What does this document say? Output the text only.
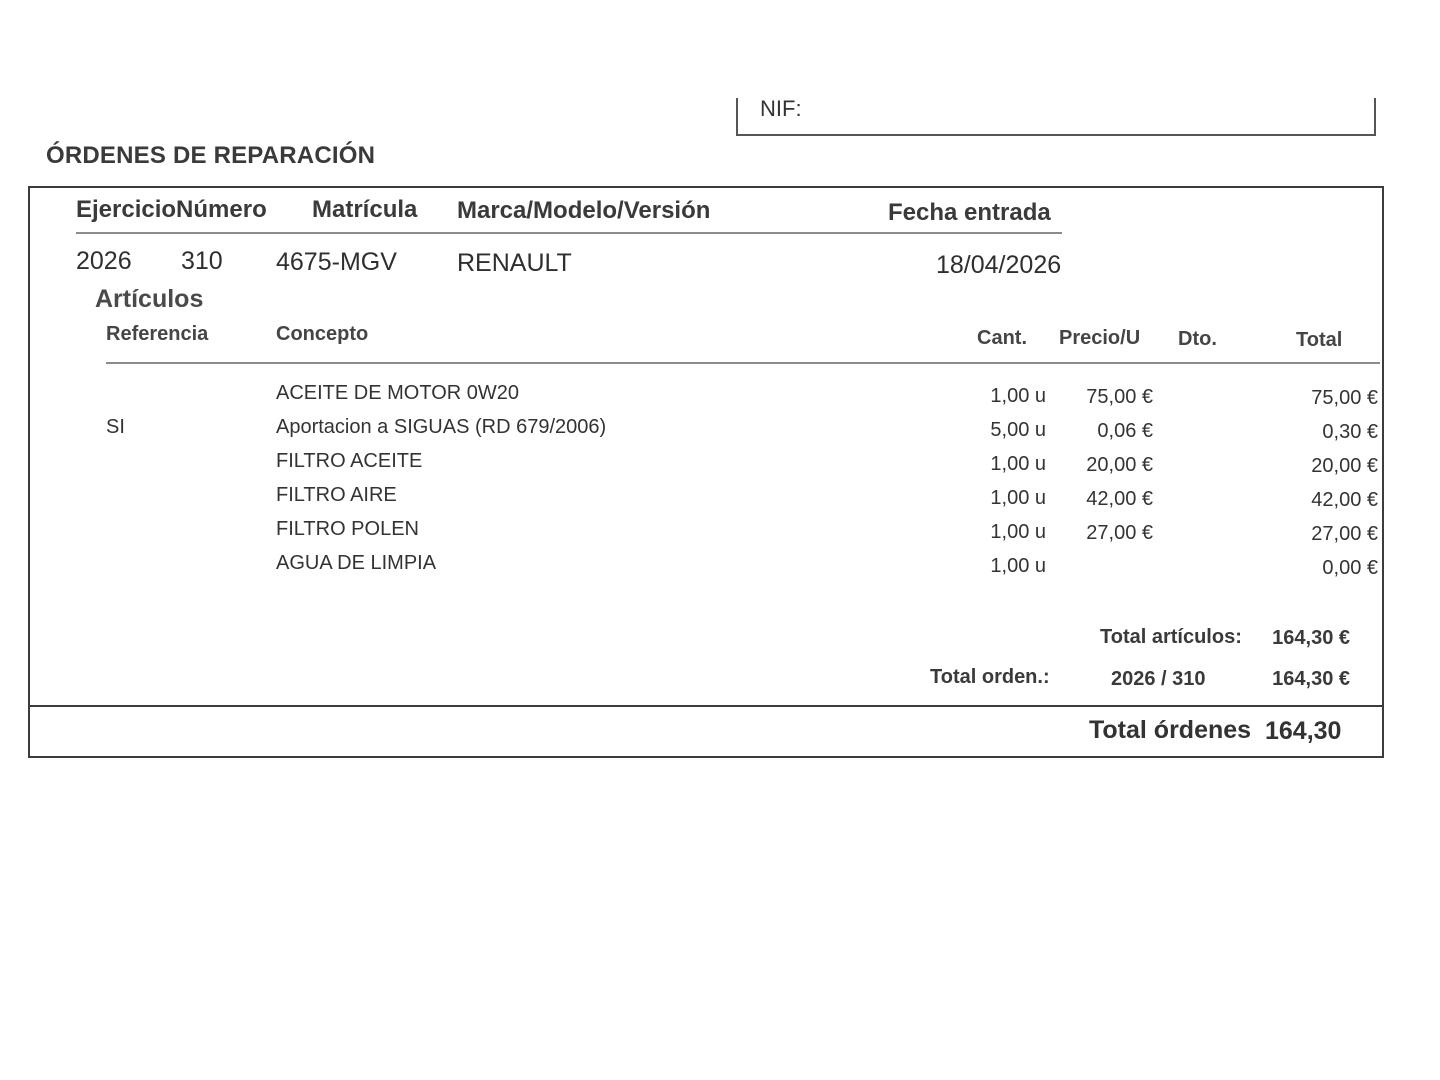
NIF:
ÓRDENES DE REPARACIÓN
EjercicioNúmero Matrícula Marca/Modelo/Versión	Fecha entrada
2026 310 4675-MGV RENAULT	18/04/2026
Artículos
Referencia	Concepto	Cant. Precio/U Dto.	Total
ACEITE DE MOTOR 0W20	1,00 u 75,00 €	75,00 €
SI	Aportacion a SIGUAS (RD 679/2006)	5,00 u	0,06 €	0,30 €
FILTRO ACEITE	1,00 u 20,00 €	20,00 €
FILTRO AIRE	1,00 u 42,00 €	42,00 €
FILTRO POLEN	1,00 u 27,00 €	27,00 €
AGUA DE LIMPIA	1,00 u	0,00 €
Total artículos: 164,30 €
Total orden.:	2026 / 310	164,30 €
Total órdenes 164,30
